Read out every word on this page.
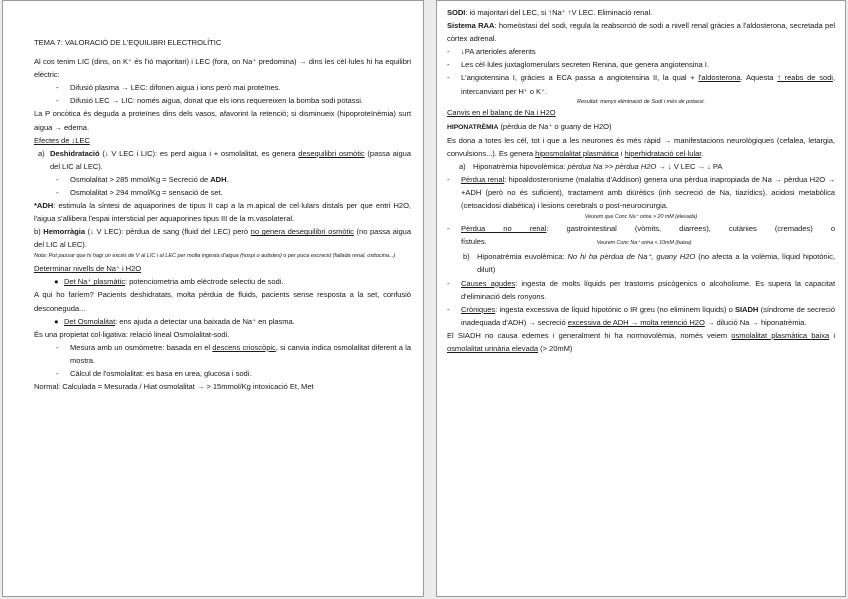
TEMA 7: VALORACIÓ DE L'EQUILIBRI ELECTROLÍTIC

Al cos tenim LIC (dins, on K⁺ és l'ió majoritari) i LEC (fora, on Na⁺ predomina) → dins les cèl·lules hi ha equilibri elèctric:

-	Difusió plasma → LEC: difonen aigua i ions però mai proteïnes.
-	Difusió LEC → LIC: només aigua, donat que els ions requereixen la bomba sodi potassi.

La P oncòtica és deguda a proteïnes dins dels vasos, afavorint la retenció; si disminueix (hipoproteïnèmia) surt aigua → edema.

Efectes de ↓LEC

a) Deshidratació (↓ V LEC i LIC): es perd aigua i + osmolalitat, es genera desequilibri osmòtic (passa aigua del LIC al LEC).
-	Osmolalitat > 285 mmol/Kg = Secreció de ADH.
-	Osmolalitat > 294 mmol/Kg = sensació de set.

*ADH: estimula la síntesi de aquaporines de tipus II cap a la m.apical de cel·lulars distals per que entri H2O, l'aigua s'allibera l'espai intersticial per aquaporines tipus III de la m.vasolateral.

b) Hemorràgia (↓ V LEC): pèrdua de sang (fluid del LEC) però no genera desequilibri osmòtic (no passa aigua del LIC al LEC).

Nota: Pot passar que hi hagi un excés de V al LIC i al LEC per molta ingesta d'aigua (hospi o autistes) o per poca excreció (fallada renal, oxitocina...)

Determinar nivells de Na⁺ i H2O

● Det Na⁺ plasmàtic: potenciometria amb elèctrode selectiu de sodi.

A qui ho faríem? Pacients deshidratats, molta pèrdua de fluids, pacients sense resposta a la set, confusió desconeguda...

● Det Osmolalitat: ens ajuda a detectar una baixada de Na⁺ en plasma.

És una propietat col·ligativa: relació lineal Osmolalitat-sodi.

-	Mesura amb un osmòmetre: basada en el descens crioscòpic, si canvia indica osmolalitat diferent a la mostra.
-	Càlcul de l'osmolalitat: es basa en urea, glucosa i sodi.

Normal: Calculada = Mesurada / Hiat osmolalitat → > 15mmol/Kg intoxicació Et, Met

SODI: ió majoritari del LEC, si ↑Na⁺ ↑V LEC. Eliminació renal.

Sistema RAA: homeòstasi del sodi, regula la reabsorció de sodi a nivell renal gràcies a l'aldosterona, secretada pel còrtex adrenal.

-	↓PA arterioles aferents
-	Les cèl·lules juxtaglomerulars secreten Renina, que genera angiotensina I.
-	L'angiotensina I, gràcies a ECA passa a angiotensina II, la qual + l'aldosterona. Aquesta ↑ reabs de sodi, intercanviant per H⁺ o K⁺.

Resultat: menys eliminació de Sodi i més de potassi.

Canvis en el balanç de Na i H2O

HIPONATRÈMIA (pèrdua de Na⁺ o guany de H2O)

Es dona a totes les cèl, tot i que a les neurones és més ràpid → manifestacions neurològiques (cefalea, letargia, convulsions...). Es genera hiposmolalitat plasmàtica i hiperhidratació cel·lular.

a) Hiponatrèmia hipovolèmica: pèrdua Na >> pèrdua H2O → ↓ V LEC → ↓ PA
-	Pèrdua renal: hipoaldosteronisme (malaltia d'Addison) genera una pèrdua inapropiada de Na → pèrdua H2O → +ADH (però no és suficient), tractament amb diürètics (inh secreció de Na, tiazídics), acidosi metabòlica (cetoacidosi diabètica) i lesions cerebrals o post-neurocirurgia.

Veurem que Conc Na⁺ orina > 20 mM (elevada)

-	Pèrdua no renal: gastrointestinal (vòmits, diarrees), cutànies (cremades) o fístules.	Veurem Conc Na⁺ orina < 10mM (baixa)
b) Hiponatrèmia euvolèmica: No hi ha pèrdua de Na⁺, guany H2O (no afecta a la volèmia, líquid hipotònic, diluït)
-	Causes agudes: ingesta de molts líquids per trastorns psicògenics o alcoholisme. Es supera la capacitat d'eliminació dels ronyons.
-	Cròniques: ingesta excessiva de líquid hipotònic o IR greu (no eliminem líquids) o SIADH (síndrome de secreció inadequada d'ADH) → secreció excessiva de ADH → molta retenció H2O → dilució Na → hiponatrèmia.

El SIADH no causa edemes i generalment hi ha normovolèmia, només veiem osmolalitat plasmàtica baixa i osmolalitat urinària elevada (> 20mM)
